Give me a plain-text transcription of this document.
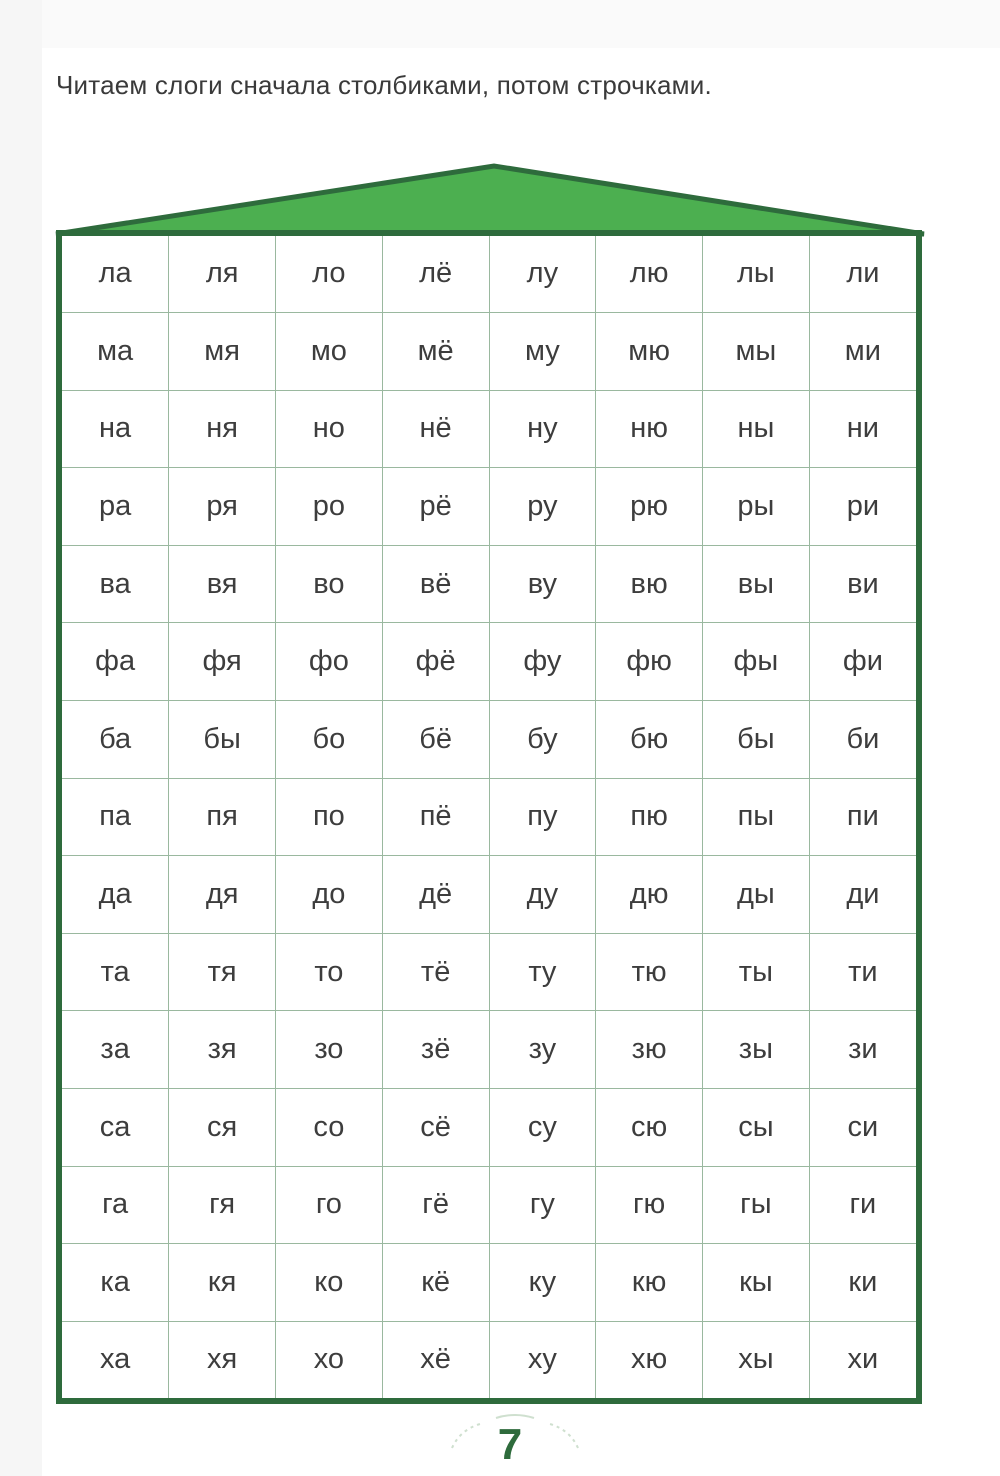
Читаем слоги сначала столбиками, потом строчками.
ла	ля	ло	лё	лу	лю	лы	ли
ма	мя	мо	мё	му	мю	мы	ми
на	ня	но	нё	ну	ню	ны	ни
ра	ря	ро	рё	ру	рю	ры	ри
ва	вя	во	вё	ву	вю	вы	ви
фа	фя	фо	фё	фу	фю	фы	фи
ба	бы	бо	бё	бу	бю	бы	би
па	пя	по	пё	пу	пю	пы	пи
да	дя	до	дё	ду	дю	ды	ди
та	тя	то	тё	ту	тю	ты	ти
за	зя	зо	зё	зу	зю	зы	зи
са	ся	со	сё	су	сю	сы	си
га	гя	го	гё	гу	гю	гы	ги
ка	кя	ко	кё	ку	кю	кы	ки
ха	хя	хо	хё	ху	хю	хы	хи
7
